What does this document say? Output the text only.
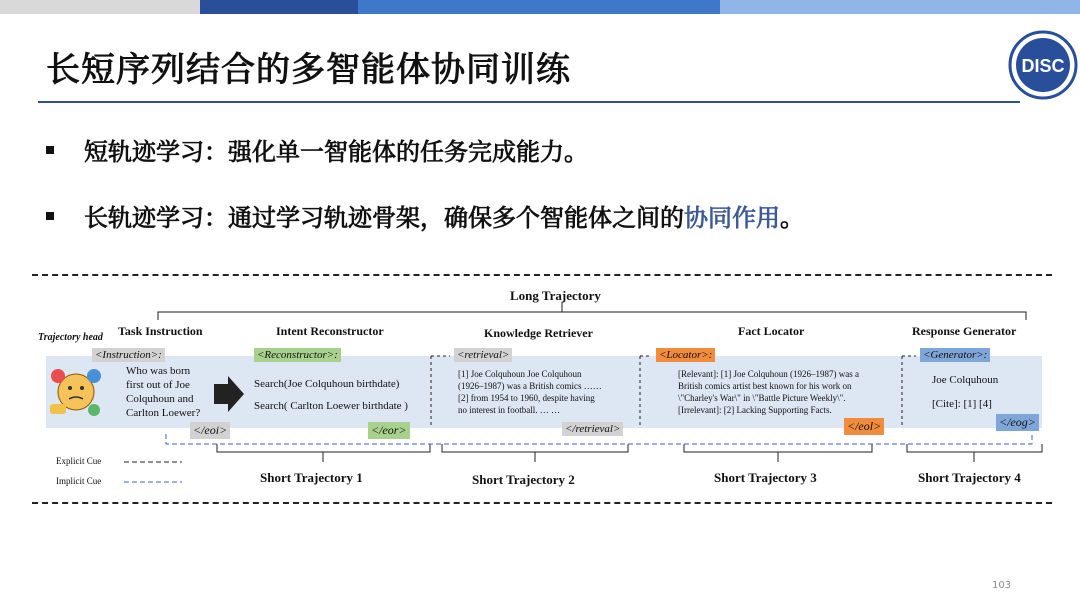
长短序列结合的多智能体协同训练	DISC
短轨迹学习：强化单一智能体的任务完成能力。
长轨迹学习：通过学习轨迹骨架，确保多个智能体之间的 协同作用 。
Long Trajectory
Trajectory head Task Instruction	Intent Reconstructor	Knowledge Retriever	Fact Locator	Response Generator
<Instruction>:	<Reconstructor>:	<retrieval>	<Locator>:	<Generator>:
Who was born
first out of Joe
Colquhoun and
Carlton Loewer?
Search(Joe Colquhoun birthdate)
Search( Carlton Loewer birthdate )
[1] Joe Colquhoun Joe Colquhoun
(1926–1987) was a British comics ……
[2] from 1954 to 1960, despite having
no interest in football. … …
[Relevant]: [1] Joe Colquhoun (1926–1987) was a
British comics artist best known for his work on
\"Charley's War\" in \"Battle Picture Weekly\".
[Irrelevant]: [2] Lacking Supporting Facts.
Joe Colquhoun
[Cite]: [1] [4]
</eoi>	</eor>	</retrieval>	</eol>	</eog>
Explicit Cue
Implicit Cue	Short Trajectory 1	Short Trajectory 2	Short Trajectory 3	Short Trajectory 4
103
